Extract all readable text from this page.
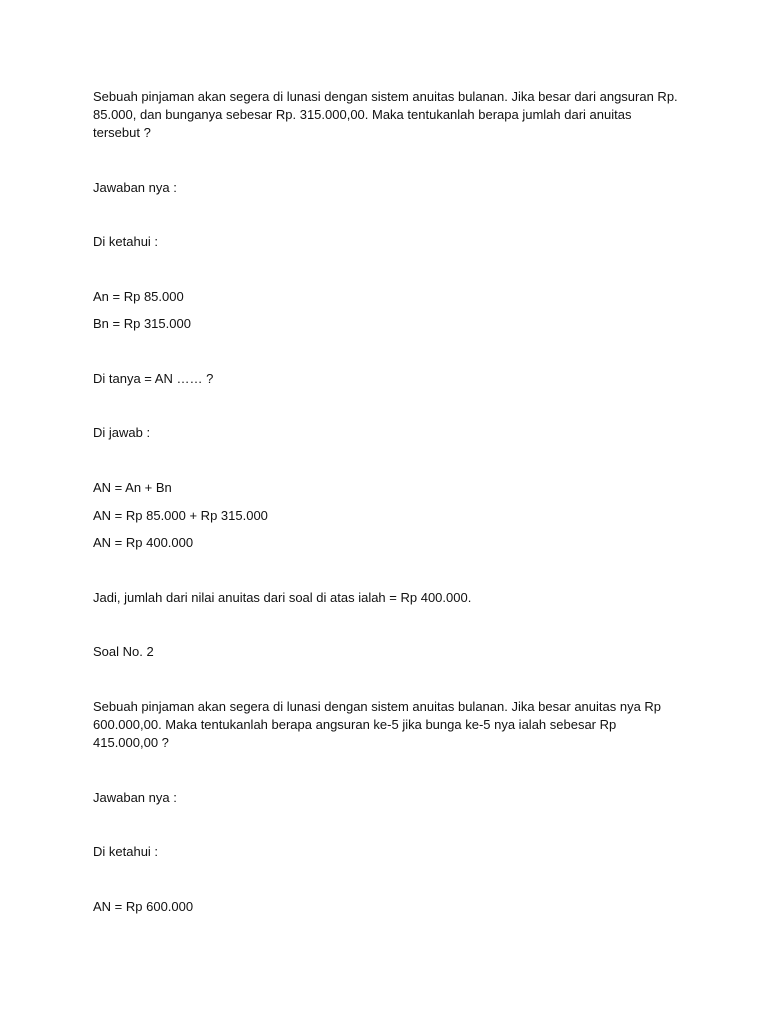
Sebuah pinjaman akan segera di lunasi dengan sistem anuitas bulanan. Jika besar dari angsuran Rp.

85.000, dan bunganya sebesar Rp. 315.000,00. Maka tentukanlah berapa jumlah dari anuitas

tersebut ?

Jawaban nya :

Di ketahui :

An = Rp 85.000

Bn = Rp 315.000

Di tanya = AN …… ?

Di jawab :

AN = An + Bn

AN = Rp 85.000 + Rp 315.000

AN = Rp 400.000

Jadi, jumlah dari nilai anuitas dari soal di atas ialah = Rp 400.000.

Soal No. 2

Sebuah pinjaman akan segera di lunasi dengan sistem anuitas bulanan. Jika besar anuitas nya Rp

600.000,00. Maka tentukanlah berapa angsuran ke-5 jika bunga ke-5 nya ialah sebesar Rp

415.000,00 ?

Jawaban nya :

Di ketahui :

AN = Rp 600.000
